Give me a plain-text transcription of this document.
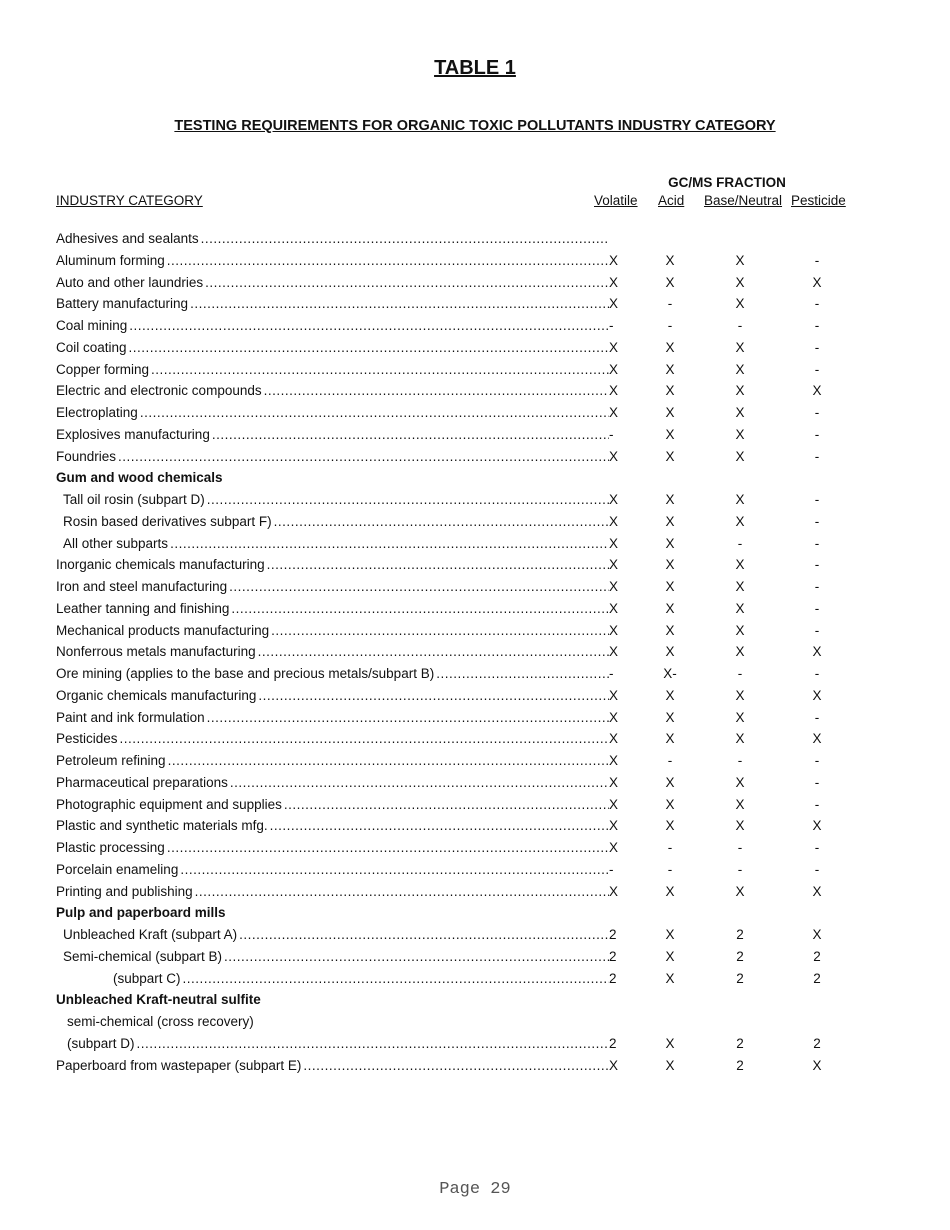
TABLE 1
TESTING REQUIREMENTS FOR ORGANIC TOXIC POLLUTANTS INDUSTRY CATEGORY
GC/MS FRACTION
INDUSTRY CATEGORY	Volatile Acid Base/Neutral Pesticide
Adhesives and sealants
.....
Aluminum forming .....	X	X	X	-
Auto and other laundries .....	X	X	X	X
Battery manufacturing .....	X	-	X	-
Coal mining .....	-	-	-	-
Coil coating .....	X	X	X	-
Copper forming .....	X	X	X	-
Electric and electronic compounds .....	X	X	X	X
Electroplating .....	X	X	X	-
Explosives manufacturing .....	-	X	X	-
Foundries .....	X	X	X	-
Gum and wood chemicals
Tall oil rosin (subpart D) .....	X	X	X	-
Rosin based derivatives subpart F) .....	X	X	X	-
All other subparts .....	X	X	-	-
Inorganic chemicals manufacturing .....	X	X	X	-
Iron and steel manufacturing .....	X	X	X	-
Leather tanning and finishing .....	X	X	X	-
Mechanical products manufacturing .....	X	X	X	-
Nonferrous metals manufacturing .....	X	X	X	X
Ore mining (applies to the base and precious metals/subpart B) .....	-	X-	-	-
Organic chemicals manufacturing .....	X	X	X	X
Paint and ink formulation .....	X	X	X	-
Pesticides .....	X	X	X	X
Petroleum refining .....	X	-	-	-
Pharmaceutical preparations .....	X	X	X	-
Photographic equipment and supplies .....	X	X	X	-
Plastic and synthetic materials mfg. .....	X	X	X	X
Plastic processing .....	X	-	-	-
Porcelain enameling .....	-	-	-	-
Printing and publishing .....	X	X	X	X
Pulp and paperboard mills
Unbleached Kraft (subpart A) .....	2	X	2	X
Semi-chemical (subpart B) .....	2	X	2	2
(subpart C) .....	2	X	2	2
Unbleached Kraft-neutral sulfite
semi-chemical (cross recovery)
(subpart D) .....	2	X	2	2
Paperboard from wastepaper (subpart E) .....	X	X	2	X
Page 29
